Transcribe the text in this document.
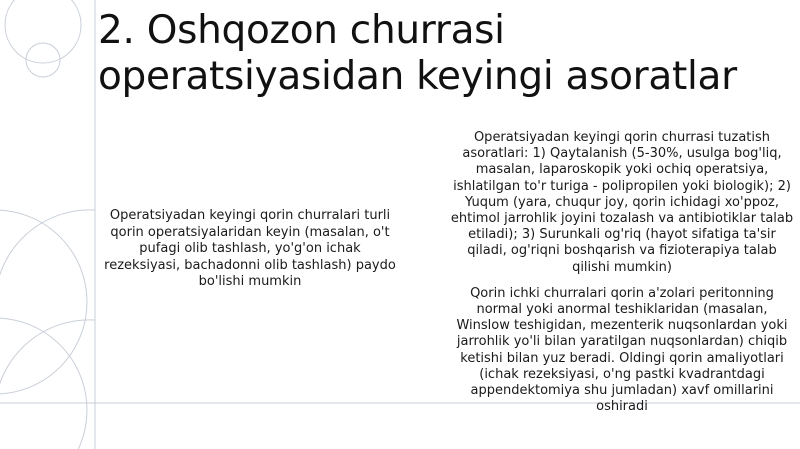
2. Oshqozon churrasi operatsiyasidan keyingi asoratlar
Operatsiyadan keyingi qorin churralari turli qorin operatsiyalaridan keyin (masalan, o't pufagi olib tashlash, yo'g'on ichak rezeksiyasi, bachadonni olib tashlash) paydo bo'lishi mumkin

Operatsiyadan keyingi qorin churrasi tuzatish asoratlari: 1) Qaytalanish (5-30%, usulga bog'liq, masalan, laparoskopik yoki ochiq operatsiya, ishlatilgan to'r turiga - polipropilen yoki biologik); 2) Yuqum (yara, chuqur joy, qorin ichidagi xo'ppoz, ehtimol jarrohlik joyini tozalash va antibiotiklar talab etiladi); 3) Surunkali og'riq (hayot sifatiga ta'sir qiladi, og'riqni boshqarish va fizioterapiya talab qilishi mumkin)

Qorin ichki churralari qorin a'zolari peritonning normal yoki anormal teshiklaridan (masalan, Winslow teshigidan, mezenterik nuqsonlardan yoki jarrohlik yo'li bilan yaratilgan nuqsonlardan) chiqib ketishi bilan yuz beradi. Oldingi qorin amaliyotlari (ichak rezeksiyasi, o'ng pastki kvadrantdagi appendektomiya shu jumladan) xavf omillarini oshiradi
